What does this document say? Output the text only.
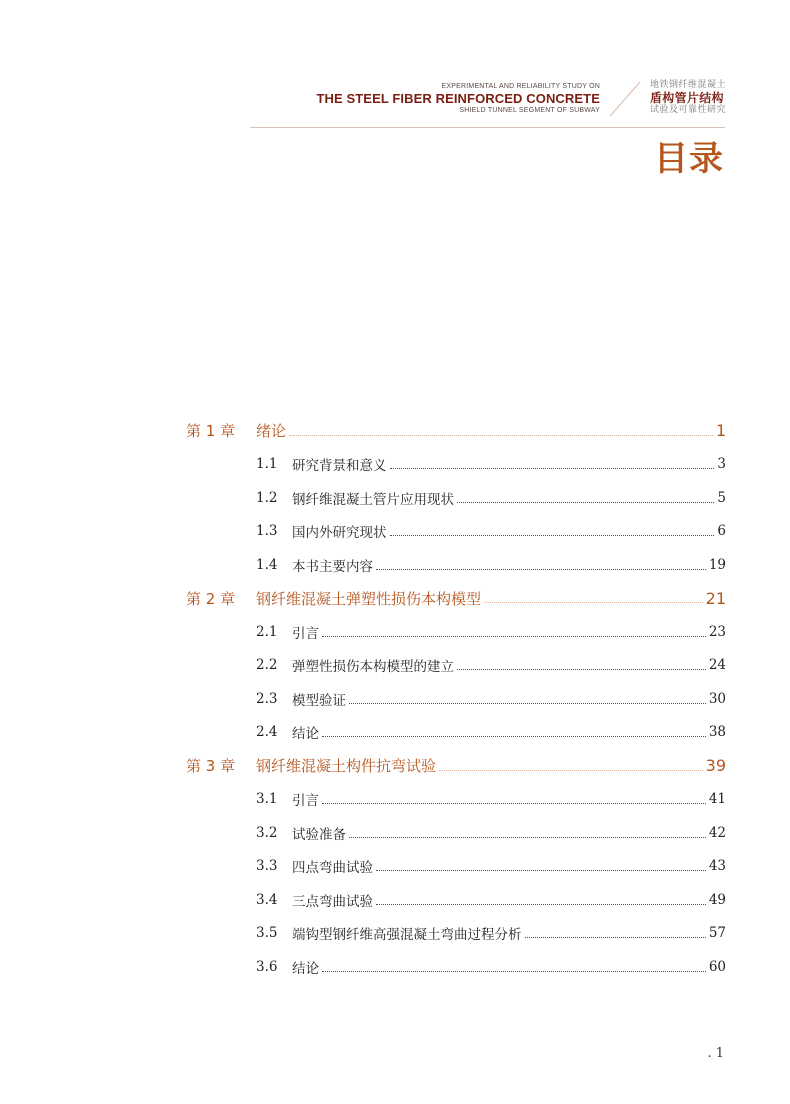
EXPERIMENTAL AND RELIABILITY STUDY ON
THE STEEL FIBER REINFORCED CONCRETE
SHIELD TUNNEL SEGMENT OF SUBWAY
地铁钢纤维混凝土
盾构管片结构
试验及可靠性研究
目录
第 1 章	绪论	1
1.1	研究背景和意义	3
1.2	钢纤维混凝土管片应用现状	5
1.3	国内外研究现状	6
1.4	本书主要内容	19
第 2 章	钢纤维混凝土弹塑性损伤本构模型	21
2.1	引言	23
2.2	弹塑性损伤本构模型的建立	24
2.3	模型验证	30
2.4	结论	38
第 3 章	钢纤维混凝土构件抗弯试验	39
3.1	引言	41
3.2	试验准备	42
3.3	四点弯曲试验	43
3.4	三点弯曲试验	49
3.5	端钩型钢纤维高强混凝土弯曲过程分析	57
3.6	结论	60
. 1
